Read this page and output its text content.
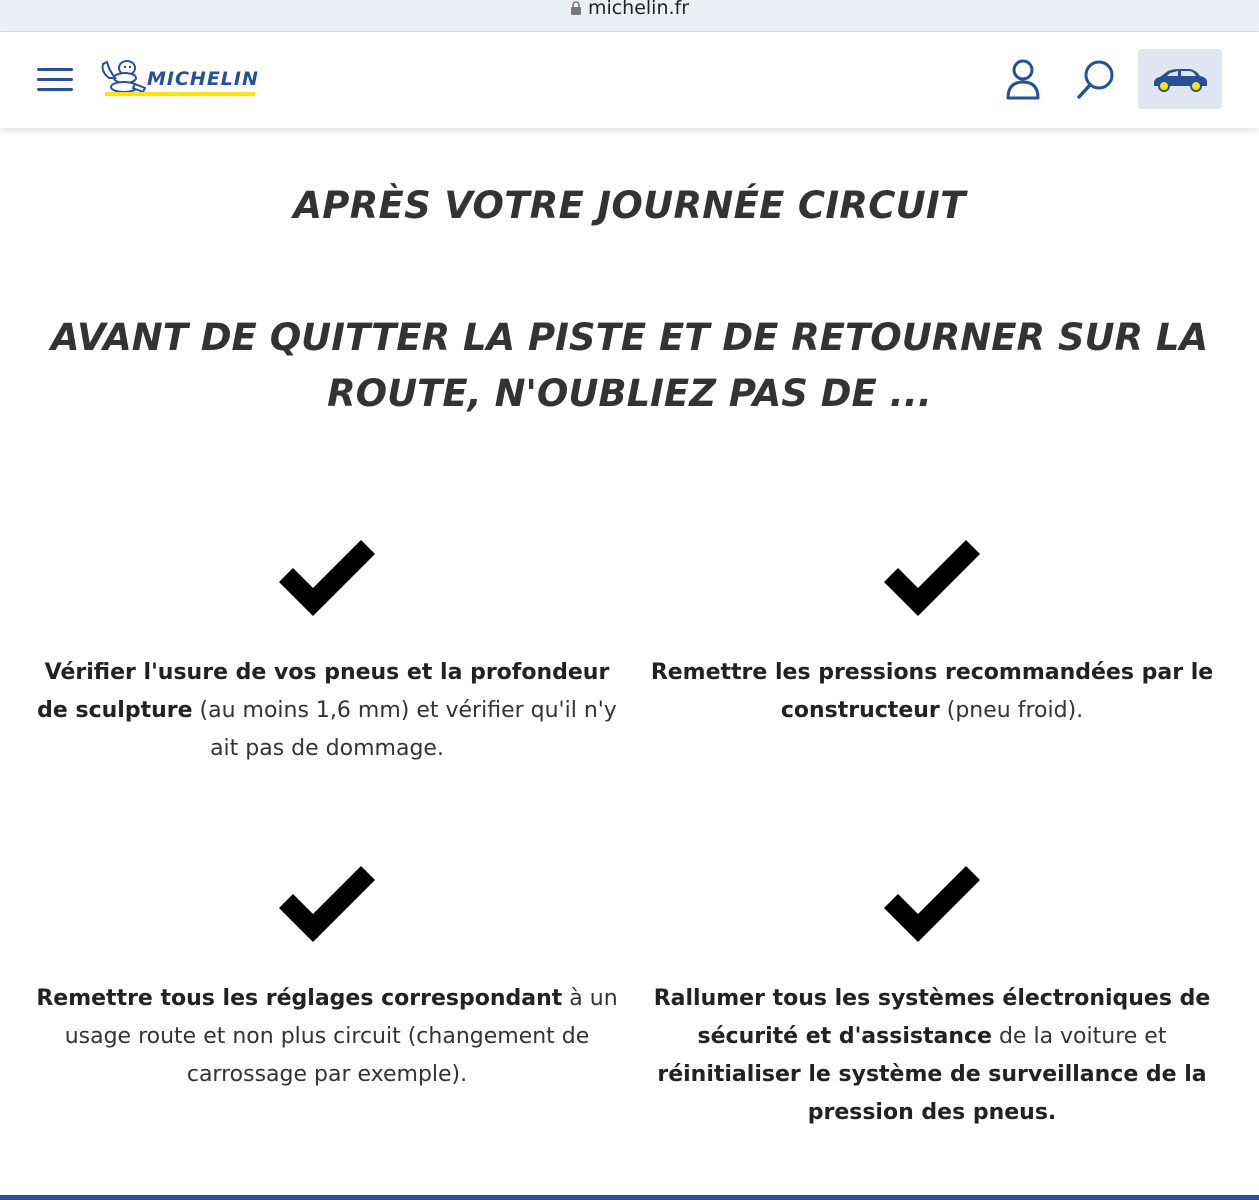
michelin.fr
MICHELIN
APRÈS VOTRE JOURNÉE CIRCUIT
AVANT DE QUITTER LA PISTE ET DE RETOURNER SUR LA ROUTE, N'OUBLIEZ PAS DE ...

Vérifier l'usure de vos pneus et la profondeur de sculpture (au moins 1,6 mm) et vérifier qu'il n'y ait pas de dommage.

Remettre les pressions recommandées par le constructeur (pneu froid).

Remettre tous les réglages correspondant à un usage route et non plus circuit (changement de carrossage par exemple).

Rallumer tous les systèmes électroniques de sécurité et d'assistance de la voiture et réinitialiser le système de surveillance de la pression des pneus.
